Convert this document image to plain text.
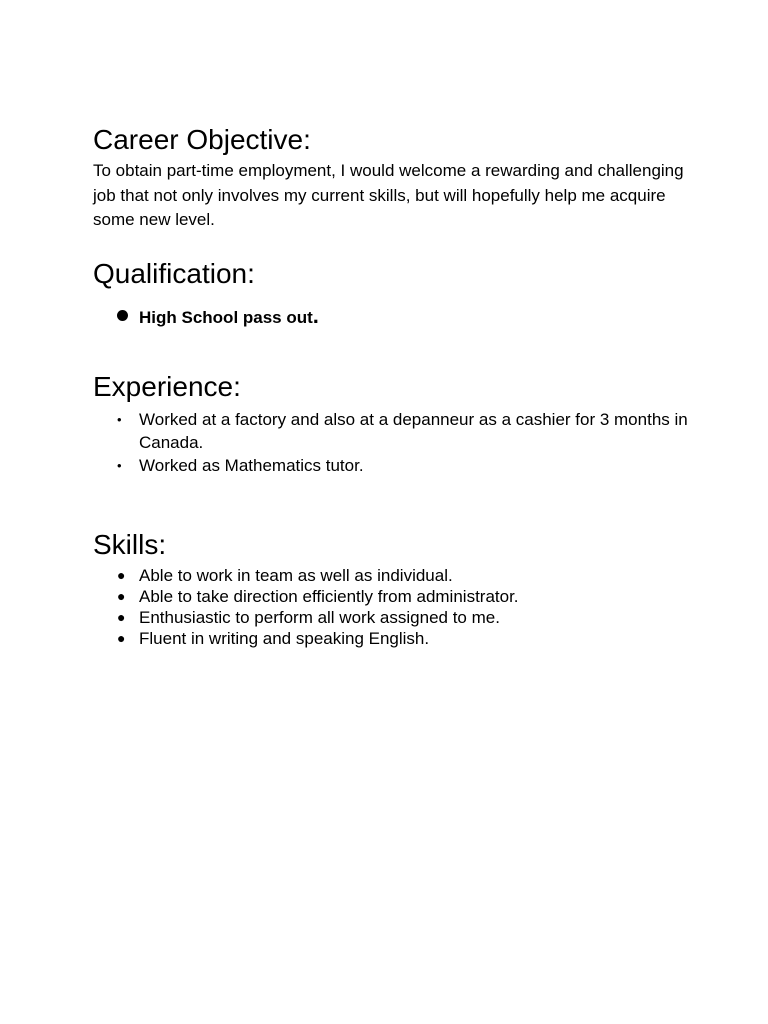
Career Objective:

To obtain part-time employment, I would welcome a rewarding and challenging job that not only involves my current skills, but will hopefully help me acquire some new level.

Qualification:
High School pass out.
Experience:
• Worked at a factory and also at a depanneur as a cashier for 3 months in Canada.
• Worked as Mathematics tutor.
Skills:
● Able to work in team as well as individual.
● Able to take direction efficiently from administrator.
● Enthusiastic to perform all work assigned to me.
● Fluent in writing and speaking English.
